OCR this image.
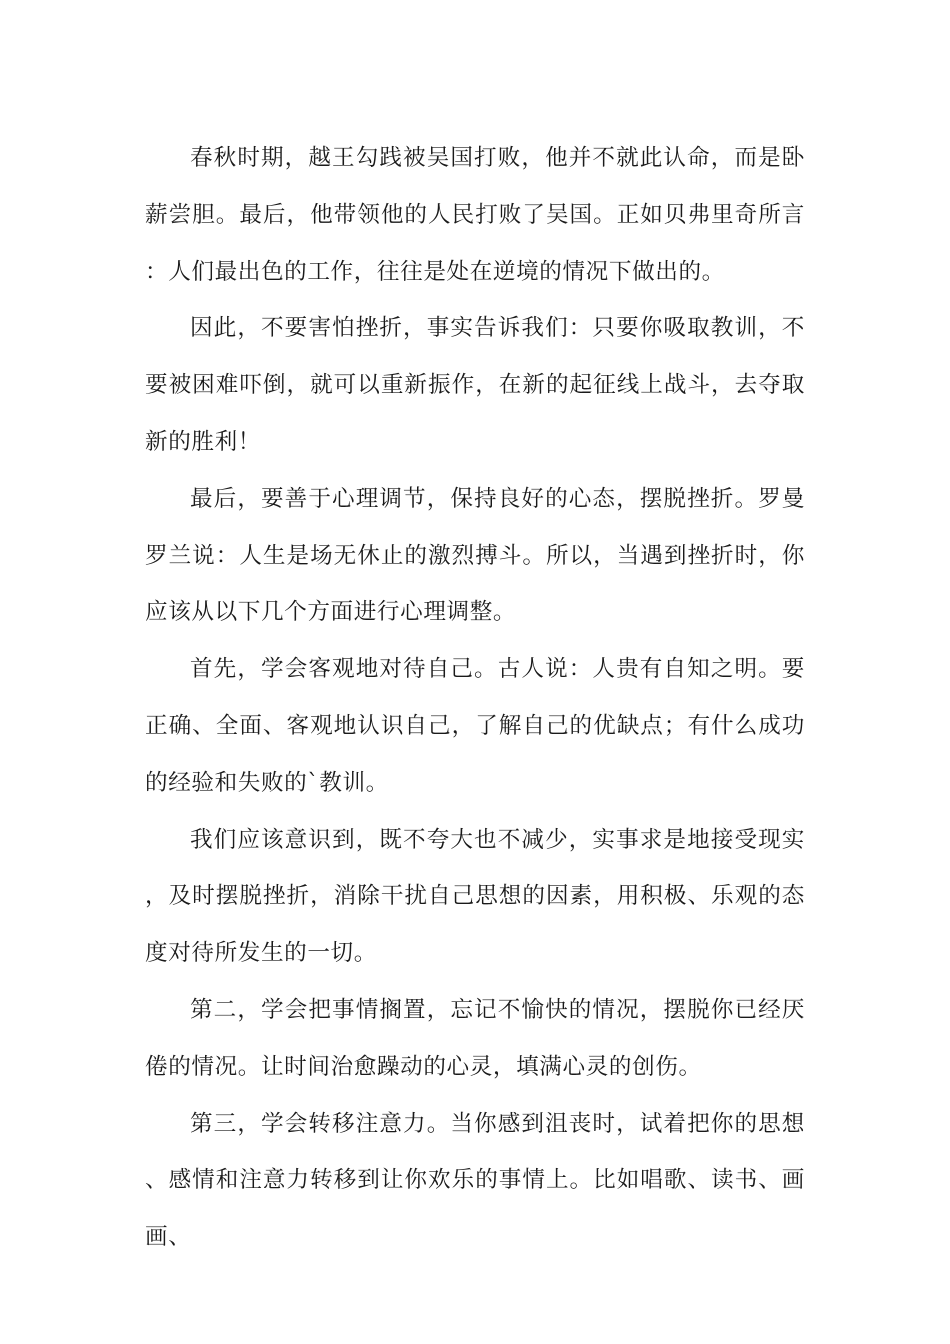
春秋时期，越王勾践被吴国打败，他并不就此认命，而是卧薪尝胆。最后，他带领他的人民打败了吴国。正如贝弗里奇所言：人们最出色的工作，往往是处在逆境的情况下做出的。

因此，不要害怕挫折，事实告诉我们：只要你吸取教训，不要被困难吓倒，就可以重新振作，在新的起征线上战斗，去夺取新的胜利！

最后，要善于心理调节，保持良好的心态，摆脱挫折。罗曼罗兰说：人生是场无休止的激烈搏斗。所以，当遇到挫折时，你应该从以下几个方面进行心理调整。

首先，学会客观地对待自己。古人说：人贵有自知之明。要正确、全面、客观地认识自己，了解自己的优缺点；有什么成功的经验和失败的`教训。

我们应该意识到，既不夸大也不减少，实事求是地接受现实，及时摆脱挫折，消除干扰自己思想的因素，用积极、乐观的态度对待所发生的一切。

第二，学会把事情搁置，忘记不愉快的情况，摆脱你已经厌倦的情况。让时间治愈躁动的心灵，填满心灵的创伤。

第三，学会转移注意力。当你感到沮丧时，试着把你的思想、感情和注意力转移到让你欢乐的事情上。比如唱歌、读书、画画、
